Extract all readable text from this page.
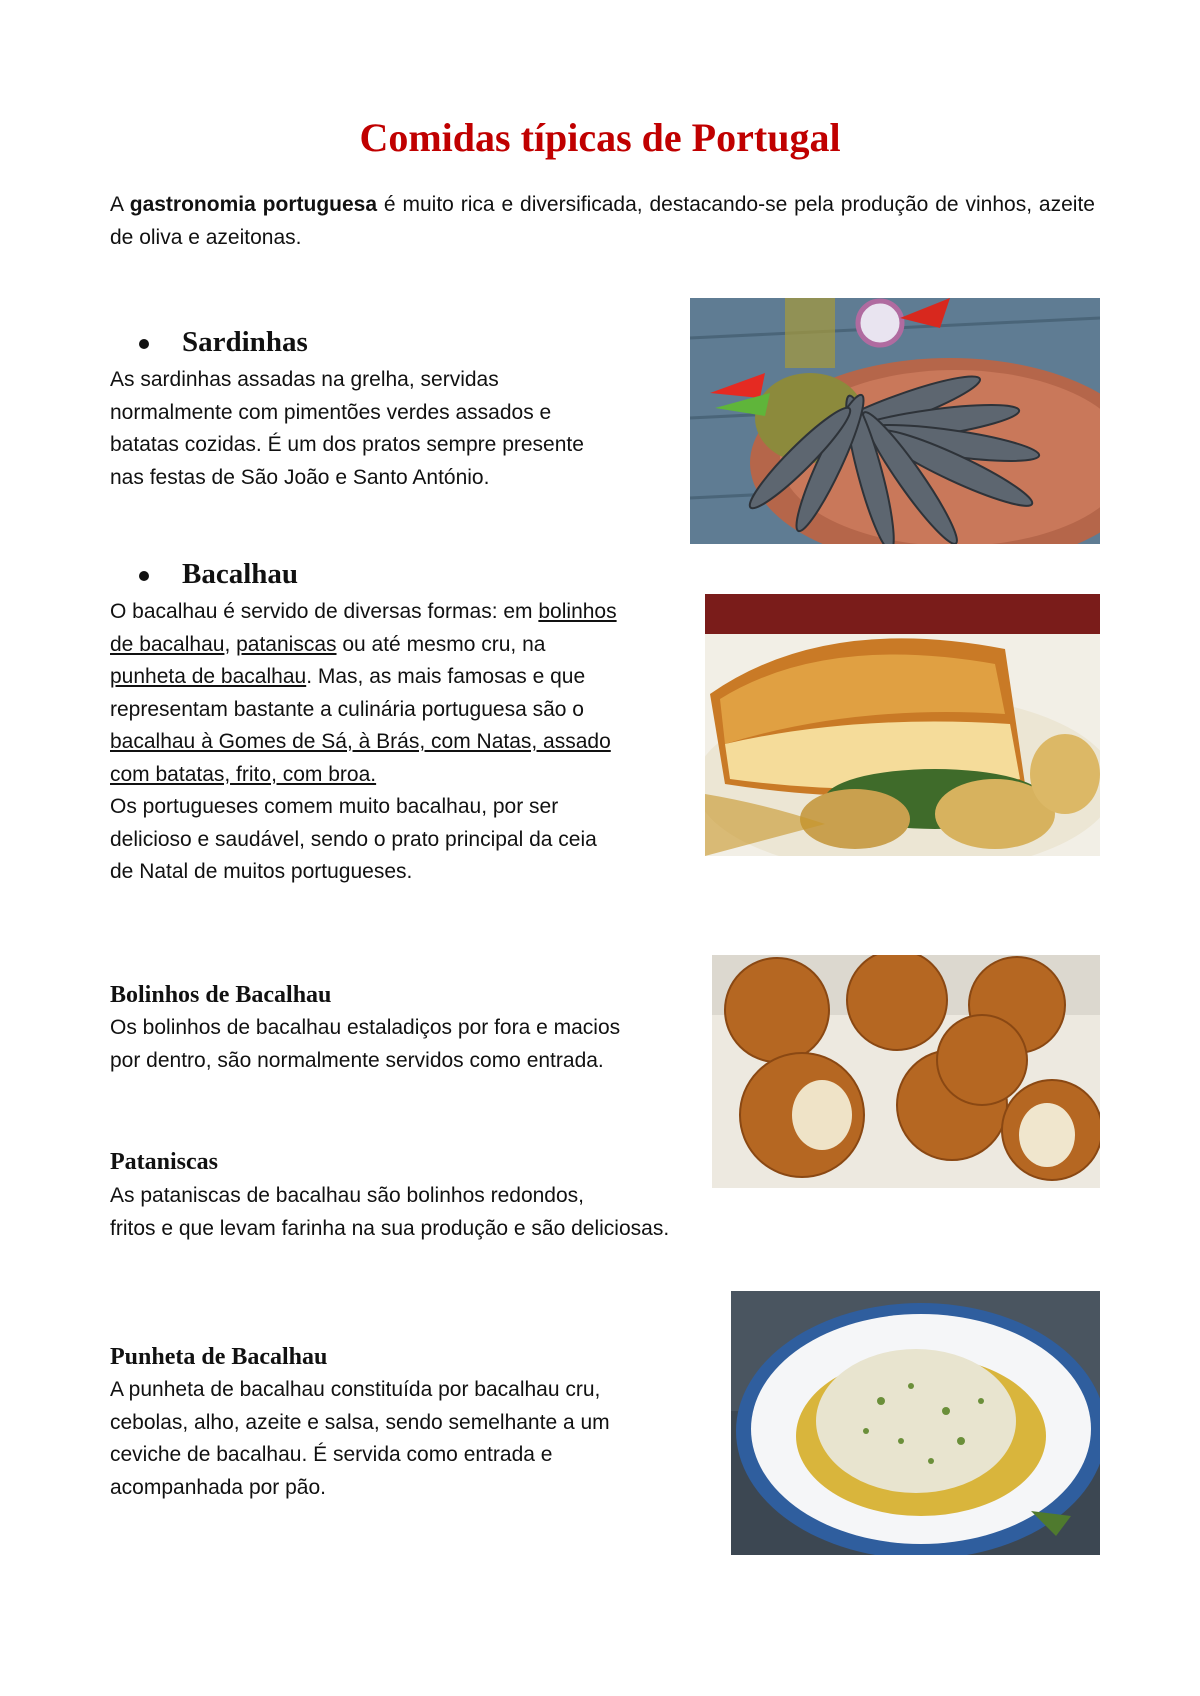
Comidas típicas de Portugal
A gastronomia portuguesa é muito rica e diversificada, destacando-se pela produção de vinhos, azeite de oliva e azeitonas.
Sardinhas
As sardinhas assadas na grelha, servidas
normalmente com pimentões verdes assados e
batatas cozidas. É um dos pratos sempre presente
nas festas de São João e Santo António.
Bacalhau
O bacalhau é servido de diversas formas: em bolinhos
de bacalhau, pataniscas ou até mesmo cru, na
punheta de bacalhau. Mas, as mais famosas e que
representam bastante a culinária portuguesa são o
bacalhau à Gomes de Sá, à Brás, com Natas, assado
com batatas, frito, com broa.
Os portugueses comem muito bacalhau, por ser
delicioso e saudável, sendo o prato principal da ceia
de Natal de muitos portugueses.
Bolinhos de Bacalhau
Os bolinhos de bacalhau estaladiços por fora e macios
por dentro, são normalmente servidos como entrada.
Pataniscas
As pataniscas de bacalhau são bolinhos redondos,
fritos e que levam farinha na sua produção e são deliciosas.
Punheta de Bacalhau
A punheta de bacalhau constituída por bacalhau cru,
cebolas, alho, azeite e salsa, sendo semelhante a um
ceviche de bacalhau. É servida como entrada e
acompanhada por pão.
